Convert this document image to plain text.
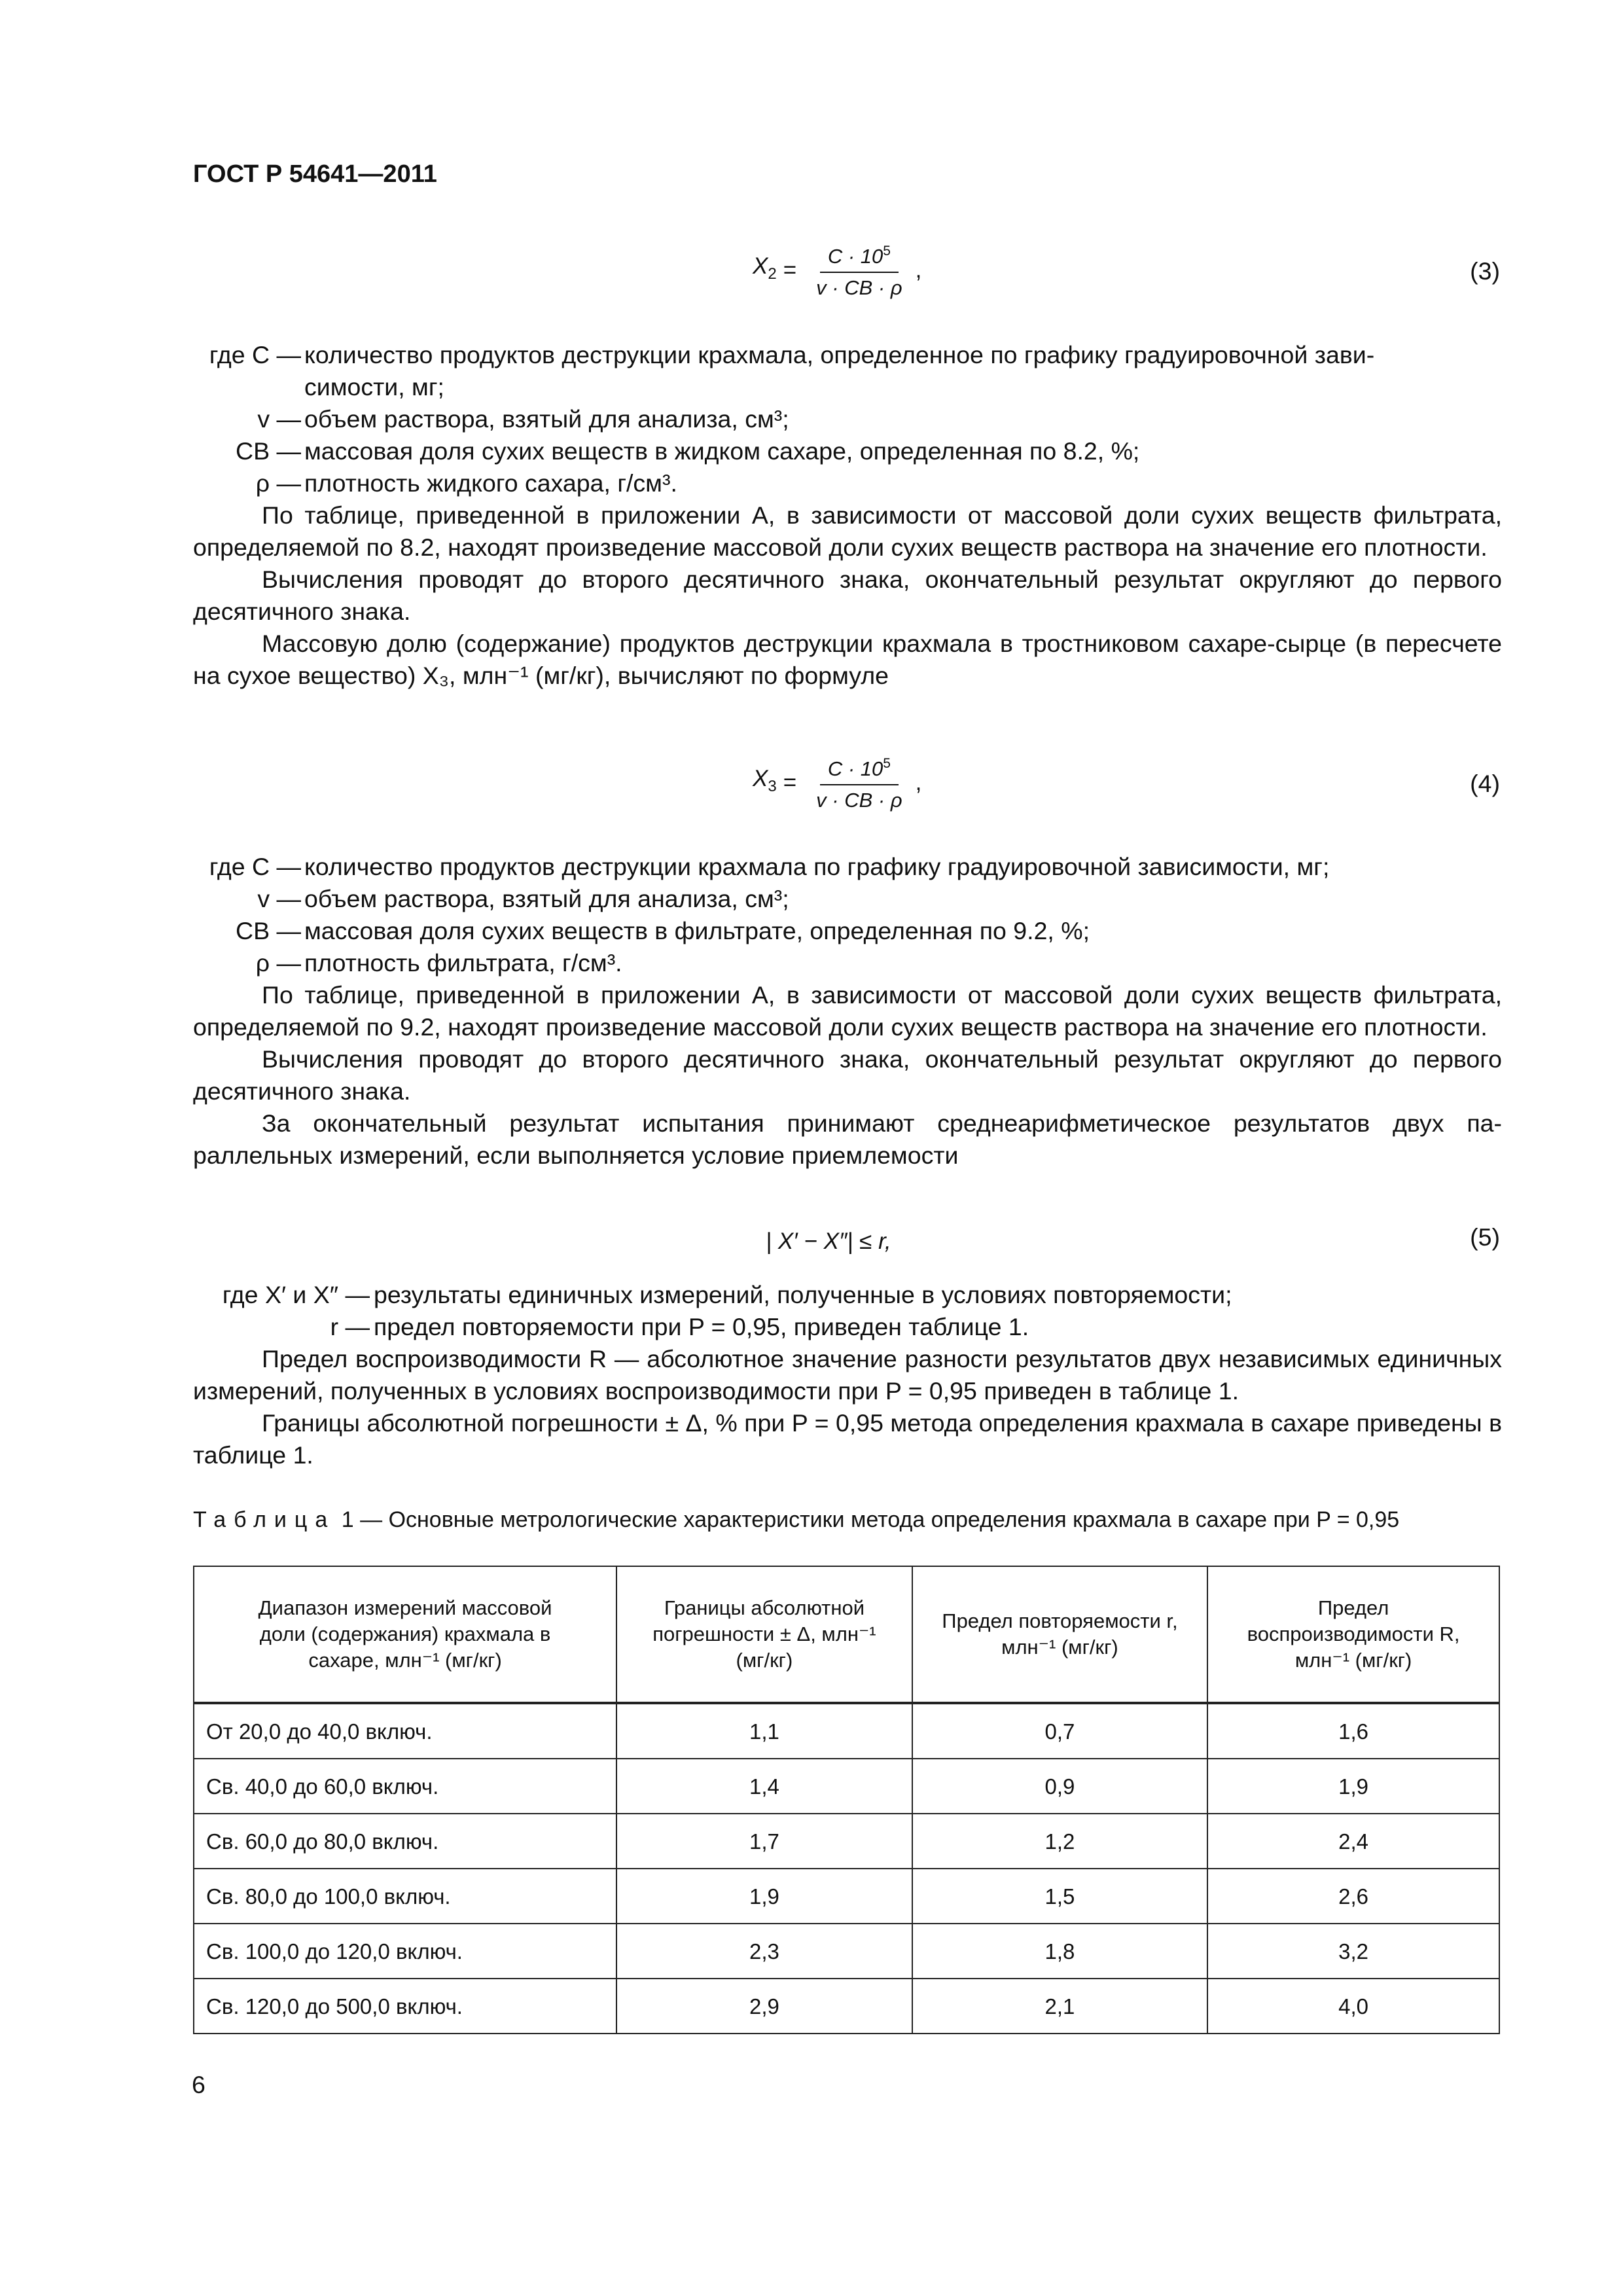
ГОСТ Р 54641—2011
$X_2 = \frac{C \cdot 10^5}{v \cdot CB \cdot \rho}$ ,	(3)
где C — количество продуктов деструкции крахмала, определенное по графику градуировочной зави-
симости, мг;
v — объем раствора, взятый для анализа, см³;
CB — массовая доля сухих веществ в жидком сахаре, определенная по 8.2, %;
ρ — плотность жидкого сахара, г/см³.

По таблице, приведенной в приложении А, в зависимости от массовой доли сухих веществ фильтрата, определяемой по 8.2, находят произведение массовой доли сухих веществ раствора на значение его плотности.

Вычисления проводят до второго десятичного знака, окончательный результат округляют до первого десятичного знака.

Массовую долю (содержание) продуктов деструкции крахмала в тростниковом сахаре-сырце (в пересчете на сухое вещество) X₃, млн⁻¹ (мг/кг), вычисляют по формуле

$X_3 = \frac{C \cdot 10^5}{v \cdot CB \cdot \rho}$ ,	(4)
где C — количество продуктов деструкции крахмала по графику градуировочной зависимости, мг;
v — объем раствора, взятый для анализа, см³;
CB — массовая доля сухих веществ в фильтрате, определенная по 9.2, %;
ρ — плотность фильтрата, г/см³.

По таблице, приведенной в приложении А, в зависимости от массовой доли сухих веществ фильтрата, определяемой по 9.2, находят произведение массовой доли сухих веществ раствора на значение его плотности.

Вычисления проводят до второго десятичного знака, окончательный результат округляют до первого десятичного знака.

За окончательный результат испытания принимают среднеарифметическое результатов двух параллельных измерений, если выполняется условие приемлемости

| X′ − X″| ≤ r,	(5)
где X′ и X″ — результаты единичных измерений, полученные в условиях повторяемости;
r — предел повторяемости при P = 0,95, приведен таблице 1.

Предел воспроизводимости R — абсолютное значение разности результатов двух независимых единичных измерений, полученных в условиях воспроизводимости при P = 0,95 приведен в таблице 1.

Границы абсолютной погрешности ± Δ, % при P = 0,95 метода определения крахмала в сахаре приведены в таблице 1.

Таблица 1 — Основные метрологические характеристики метода определения крахмала в сахаре при P = 0,95
Диапазон измерений массовой доли (содержания) крахмала в сахаре, млн⁻¹ (мг/кг)	Границы абсолютной погрешности ± Δ, млн⁻¹ (мг/кг)	Предел повторяемости r, млн⁻¹ (мг/кг)	Предел воспроизводимости R, млн⁻¹ (мг/кг)
От 20,0 до 40,0 включ.	1,1	0,7	1,6
Св. 40,0 до 60,0 включ.	1,4	0,9	1,9
Св. 60,0 до 80,0 включ.	1,7	1,2	2,4
Св. 80,0 до 100,0 включ.	1,9	1,5	2,6
Св. 100,0 до 120,0 включ.	2,3	1,8	3,2
Св. 120,0 до 500,0 включ.	2,9	2,1	4,0
6
